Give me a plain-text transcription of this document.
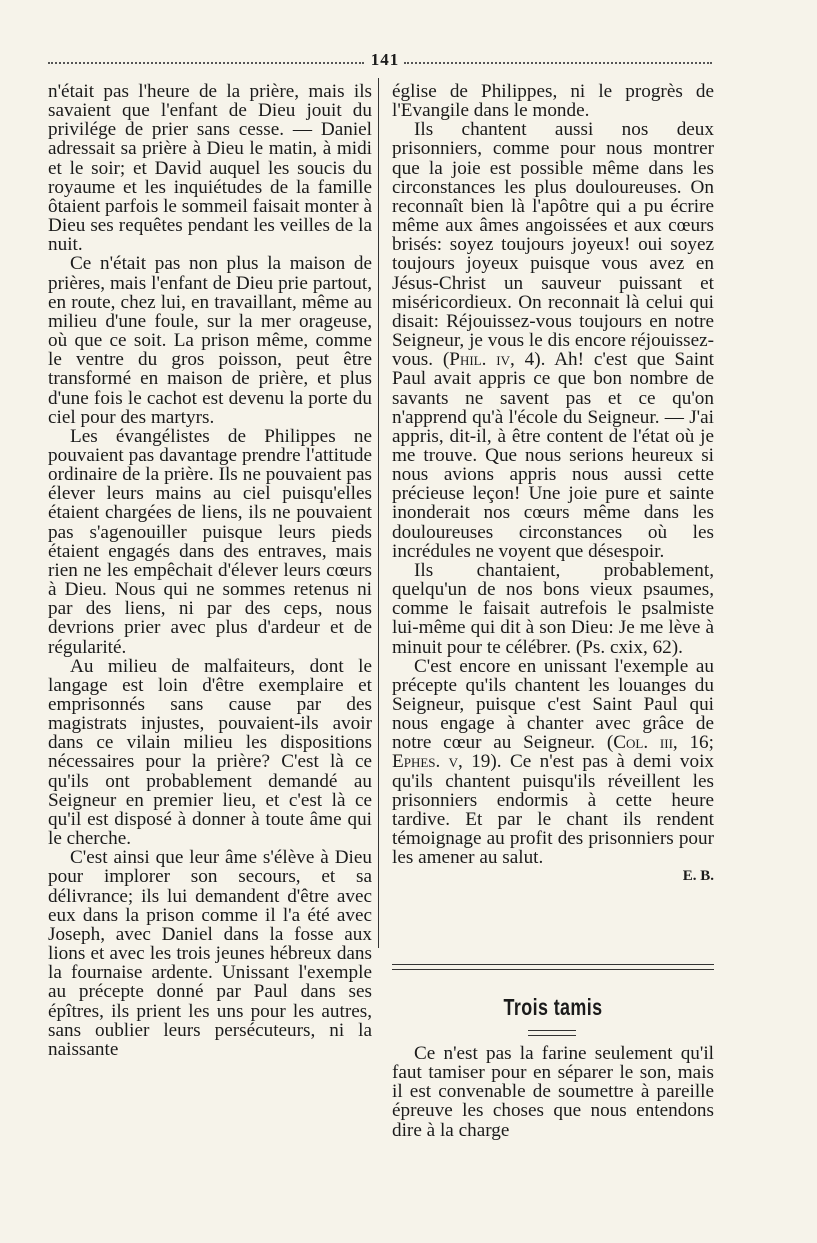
141

n'était pas l'heure de la prière, mais ils savaient que l'enfant de Dieu jouit du privilége de prier sans cesse. — Daniel adressait sa prière à Dieu le matin, à midi et le soir; et David auquel les soucis du royaume et les inquiétudes de la famille ôtaient parfois le sommeil faisait monter à Dieu ses requêtes pendant les veilles de la nuit.

Ce n'était pas non plus la maison de prières, mais l'enfant de Dieu prie partout, en route, chez lui, en travaillant, même au milieu d'une foule, sur la mer orageuse, où que ce soit. La prison même, comme le ventre du gros poisson, peut être transformé en maison de prière, et plus d'une fois le cachot est devenu la porte du ciel pour des martyrs.

Les évangélistes de Philippes ne pouvaient pas davantage prendre l'attitude ordinaire de la prière. Ils ne pouvaient pas élever leurs mains au ciel puisqu'elles étaient chargées de liens, ils ne pouvaient pas s'agenouiller puisque leurs pieds étaient engagés dans des entraves, mais rien ne les empêchait d'élever leurs cœurs à Dieu. Nous qui ne sommes retenus ni par des liens, ni par des ceps, nous devrions prier avec plus d'ardeur et de régularité.

Au milieu de malfaiteurs, dont le langage est loin d'être exemplaire et emprisonnés sans cause par des magistrats injustes, pouvaient-ils avoir dans ce vilain milieu les dispositions nécessaires pour la prière? C'est là ce qu'ils ont probablement demandé au Seigneur en premier lieu, et c'est là ce qu'il est disposé à donner à toute âme qui le cherche.

C'est ainsi que leur âme s'élève à Dieu pour implorer son secours, et sa délivrance; ils lui demandent d'être avec eux dans la prison comme il l'a été avec Joseph, avec Daniel dans la fosse aux lions et avec les trois jeunes hébreux dans la fournaise ardente. Unissant l'exemple au précepte donné par Paul dans ses épîtres, ils prient les uns pour les autres, sans oublier leurs persécuteurs, ni la naissante

église de Philippes, ni le progrès de l'Evangile dans le monde.

Ils chantent aussi nos deux prisonniers, comme pour nous montrer que la joie est possible même dans les circonstances les plus douloureuses. On reconnaît bien là l'apôtre qui a pu écrire même aux âmes angoissées et aux cœurs brisés: soyez toujours joyeux! oui soyez toujours joyeux puisque vous avez en Jésus-Christ un sauveur puissant et miséricordieux. On reconnait là celui qui disait: Réjouissez-vous toujours en notre Seigneur, je vous le dis encore réjouissez-vous. (Phil. iv, 4). Ah! c'est que Saint Paul avait appris ce que bon nombre de savants ne savent pas et ce qu'on n'apprend qu'à l'école du Seigneur. — J'ai appris, dit-il, à être content de l'état où je me trouve. Que nous serions heureux si nous avions appris nous aussi cette précieuse leçon! Une joie pure et sainte inonderait nos cœurs même dans les douloureuses circonstances où les incrédules ne voyent que désespoir.

Ils chantaient, probablement, quelqu'un de nos bons vieux psaumes, comme le faisait autrefois le psalmiste lui-même qui dit à son Dieu: Je me lève à minuit pour te célébrer. (Ps. cxix, 62).

C'est encore en unissant l'exemple au précepte qu'ils chantent les louanges du Seigneur, puisque c'est Saint Paul qui nous engage à chanter avec grâce de notre cœur au Seigneur. (Col. iii, 16; Ephes. v, 19). Ce n'est pas à demi voix qu'ils chantent puisqu'ils réveillent les prisonniers endormis à cette heure tardive. Et par le chant ils rendent témoignage au profit des prisonniers pour les amener au salut.

E. B.

Trois tamis

Ce n'est pas la farine seulement qu'il faut tamiser pour en séparer le son, mais il est convenable de soumettre à pareille épreuve les choses que nous entendons dire à la charge
